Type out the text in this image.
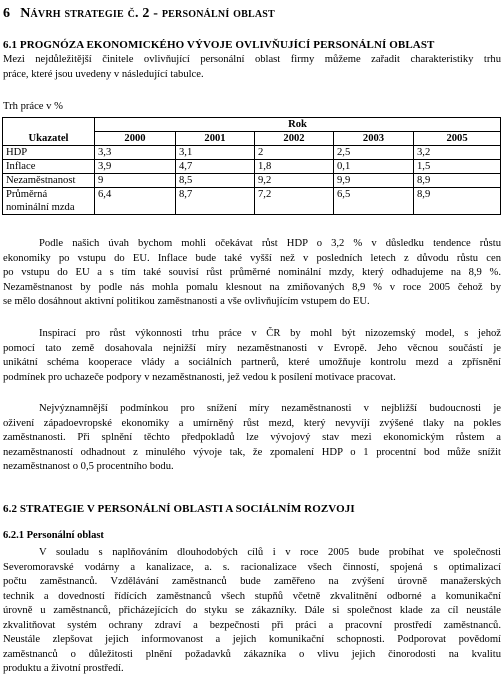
6 Návrh strategie č. 2 - personální oblast
6.1 PROGNÓZA EKONOMICKÉHO VÝVOJE OVLIVŇUJÍCÍ PERSONÁLNÍ OBLAST
Mezi nejdůležitější činitele ovlivňující personální oblast firmy můžeme zařadit charakteristiky trhu
práce, které jsou uvedeny v následující tabulce.
Trh práce v %
Ukazatel	Rok				
	2000	2001	2002	2003	2005
HDP	3,3	3,1	2	2,5	3,2
Inflace	3,9	4,7	1,8	0,1	1,5
Nezaměstnanost	9	8,5	9,2	9,9	8,9
Průměrná
nominální mzda	6,4	8,7	7,2	6,5	8,9
Podle našich úvah bychom mohli očekávat růst HDP o 3,2 % v důsledku tendence růstu
ekonomiky po vstupu do EU. Inflace bude také vyšší než v posledních letech z důvodu růstu cen
po vstupu do EU a s tím také souvisí růst průměrné nominální mzdy, který odhadujeme na 8,9 %.
Nezaměstnanost by podle nás mohla pomalu klesnout na zmiňovaných 8,9 % v roce 2005 čehož by
se mělo dosáhnout aktivní politikou zaměstnanosti a vše ovlivňujícím vstupem do EU.
Inspirací pro růst výkonnosti trhu práce v ČR by mohl být nizozemský model, s jehož
pomocí tato země dosahovala nejnižší míry nezaměstnanosti v Evropě. Jeho věcnou součástí je
unikátní schéma kooperace vlády a sociálních partnerů, které umožňuje kontrolu mezd a zpřísnění
podmínek pro uchazeče podpory v nezaměstnanosti, jež vedou k posílení motivace pracovat.
Nejvýznamnější podmínkou pro snížení míry nezaměstnanosti v nejbližší budoucnosti je
oživení západoevropské ekonomiky a umírněný růst mezd, který nevyvíjí zvýšené tlaky na pokles
zaměstnanosti. Při splnění těchto předpokladů lze vývojový stav mezi ekonomickým růstem a
nezaměstnaností odhadnout z minulého vývoje tak, že zpomalení HDP o 1 procentní bod může snížit
nezaměstnanost o 0,5 procentního bodu.
6.2 STRATEGIE V PERSONÁLNÍ OBLASTI A SOCIÁLNÍM ROZVOJI
6.2.1 Personální oblast
V souladu s naplňováním dlouhodobých cílů i v roce 2005 bude probíhat ve společnosti
Severomoravské vodárny a kanalizace, a. s. racionalizace všech činností, spojená s optimalizací
počtu zaměstnanců. Vzdělávání zaměstnanců bude zaměřeno na zvýšení úrovně manažerských
technik a dovedností řídících zaměstnanců všech stupňů včetně zkvalitnění odborné a komunikační
úrovně u zaměstnanců, přicházejících do styku se zákazníky. Dále si společnost klade za cíl neustále
zkvalitňovat systém ochrany zdraví a bezpečnosti při práci a pracovní prostředí zaměstnanců.
Neustále zlepšovat jejich informovanost a jejich komunikační schopnosti. Podporovat povědomí
zaměstnanců o důležitosti plnění požadavků zákazníka o vlivu jejich činorodosti na kvalitu
produktu a životní prostředí.
